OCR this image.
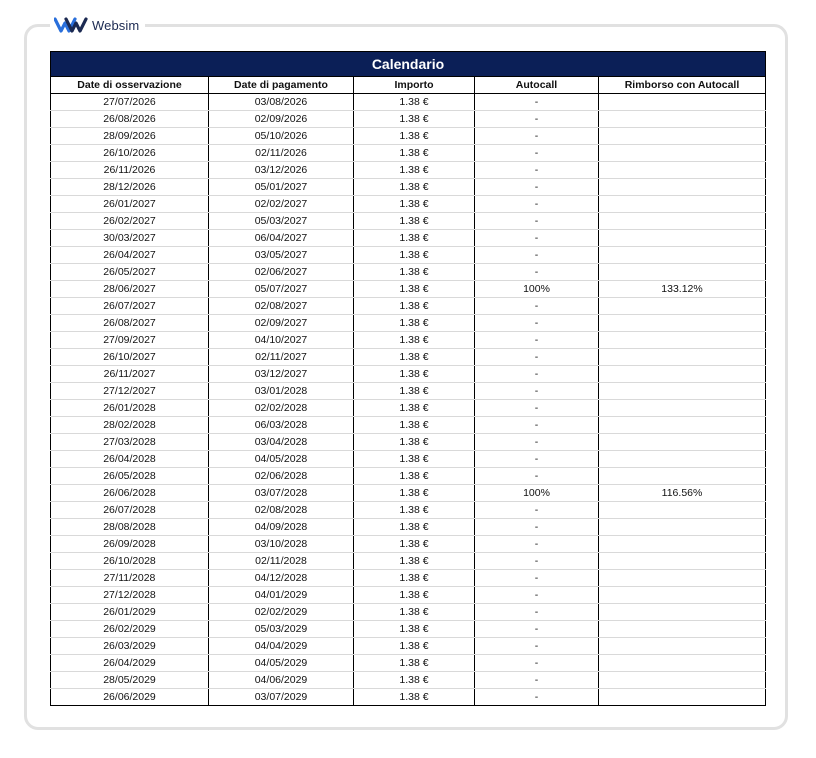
Websim
Calendario				
Date di osservazione	Date di pagamento	Importo	Autocall	Rimborso con Autocall
27/07/2026	03/08/2026	1.38 €	-	
26/08/2026	02/09/2026	1.38 €	-	
28/09/2026	05/10/2026	1.38 €	-	
26/10/2026	02/11/2026	1.38 €	-	
26/11/2026	03/12/2026	1.38 €	-	
28/12/2026	05/01/2027	1.38 €	-	
26/01/2027	02/02/2027	1.38 €	-	
26/02/2027	05/03/2027	1.38 €	-	
30/03/2027	06/04/2027	1.38 €	-	
26/04/2027	03/05/2027	1.38 €	-	
26/05/2027	02/06/2027	1.38 €	-	
28/06/2027	05/07/2027	1.38 €	100%	133.12%
26/07/2027	02/08/2027	1.38 €	-	
26/08/2027	02/09/2027	1.38 €	-	
27/09/2027	04/10/2027	1.38 €	-	
26/10/2027	02/11/2027	1.38 €	-	
26/11/2027	03/12/2027	1.38 €	-	
27/12/2027	03/01/2028	1.38 €	-	
26/01/2028	02/02/2028	1.38 €	-	
28/02/2028	06/03/2028	1.38 €	-	
27/03/2028	03/04/2028	1.38 €	-	
26/04/2028	04/05/2028	1.38 €	-	
26/05/2028	02/06/2028	1.38 €	-	
26/06/2028	03/07/2028	1.38 €	100%	116.56%
26/07/2028	02/08/2028	1.38 €	-	
28/08/2028	04/09/2028	1.38 €	-	
26/09/2028	03/10/2028	1.38 €	-	
26/10/2028	02/11/2028	1.38 €	-	
27/11/2028	04/12/2028	1.38 €	-	
27/12/2028	04/01/2029	1.38 €	-	
26/01/2029	02/02/2029	1.38 €	-	
26/02/2029	05/03/2029	1.38 €	-	
26/03/2029	04/04/2029	1.38 €	-	
26/04/2029	04/05/2029	1.38 €	-	
28/05/2029	04/06/2029	1.38 €	-	
26/06/2029	03/07/2029	1.38 €	-	
